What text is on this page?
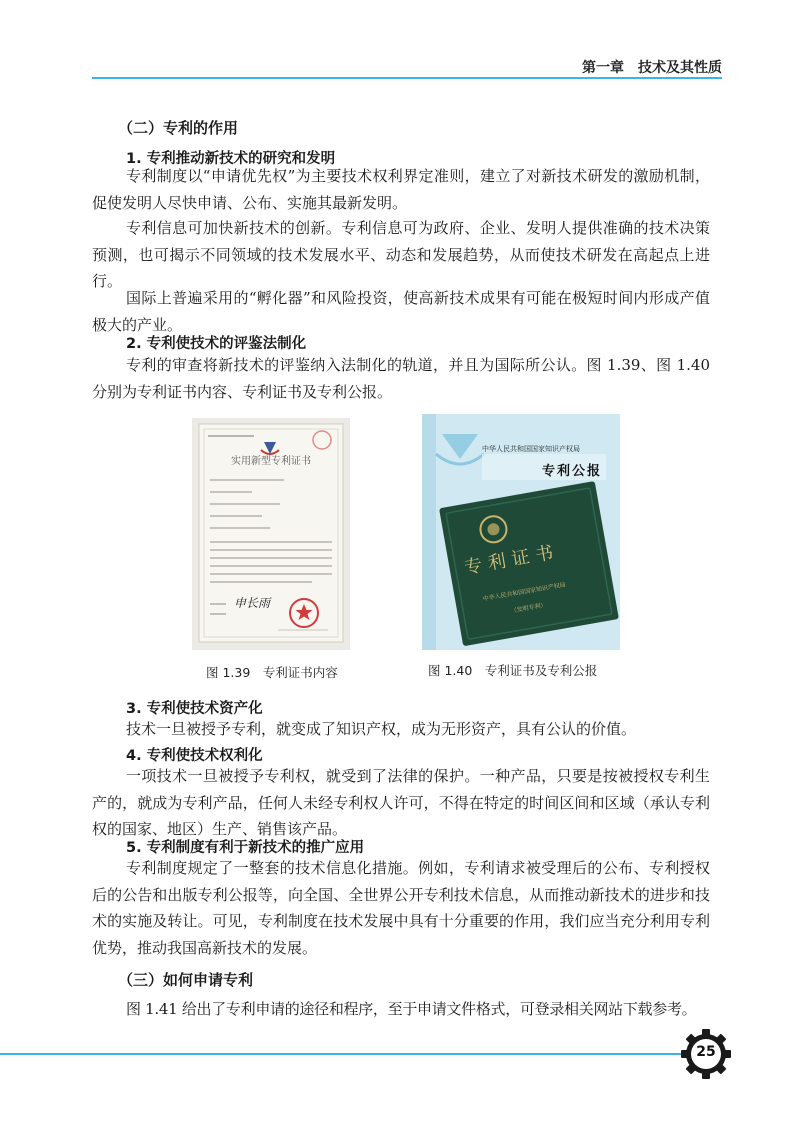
第一章　技术及其性质
（二）专利的作用
1. 专利推动新技术的研究和发明

专利制度以“申请优先权”为主要技术权利界定准则，建立了对新技术研发的激励机制，促使发明人尽快申请、公布、实施其最新发明。

专利信息可加快新技术的创新。专利信息可为政府、企业、发明人提供准确的技术决策预测，也可揭示不同领域的技术发展水平、动态和发展趋势，从而使技术研发在高起点上进行。

国际上普遍采用的“孵化器”和风险投资，使高新技术成果有可能在极短时间内形成产值极大的产业。

2. 专利使技术的评鉴法制化

专利的审查将新技术的评鉴纳入法制化的轨道，并且为国际所公认。图 1.39、图 1.40 分别为专利证书内容、专利证书及专利公报。

实用新型专利证书
申长雨
图 1.39　专利证书内容
中华人民共和国国家知识产权局
专利公报
专利证书
中华人民共和国国家知识产权局
（发明专利）
图 1.40　专利证书及专利公报
3. 专利使技术资产化

技术一旦被授予专利，就变成了知识产权，成为无形资产，具有公认的价值。

4. 专利使技术权利化

一项技术一旦被授予专利权，就受到了法律的保护。一种产品，只要是按被授权专利生产的，就成为专利产品，任何人未经专利权人许可，不得在特定的时间区间和区域（承认专利权的国家、地区）生产、销售该产品。

5. 专利制度有利于新技术的推广应用

专利制度规定了一整套的技术信息化措施。例如，专利请求被受理后的公布、专利授权后的公告和出版专利公报等，向全国、全世界公开专利技术信息，从而推动新技术的进步和技术的实施及转让。可见，专利制度在技术发展中具有十分重要的作用，我们应当充分利用专利优势，推动我国高新技术的发展。

（三）如何申请专利

图 1.41 给出了专利申请的途径和程序，至于申请文件格式，可登录相关网站下载参考。

25
